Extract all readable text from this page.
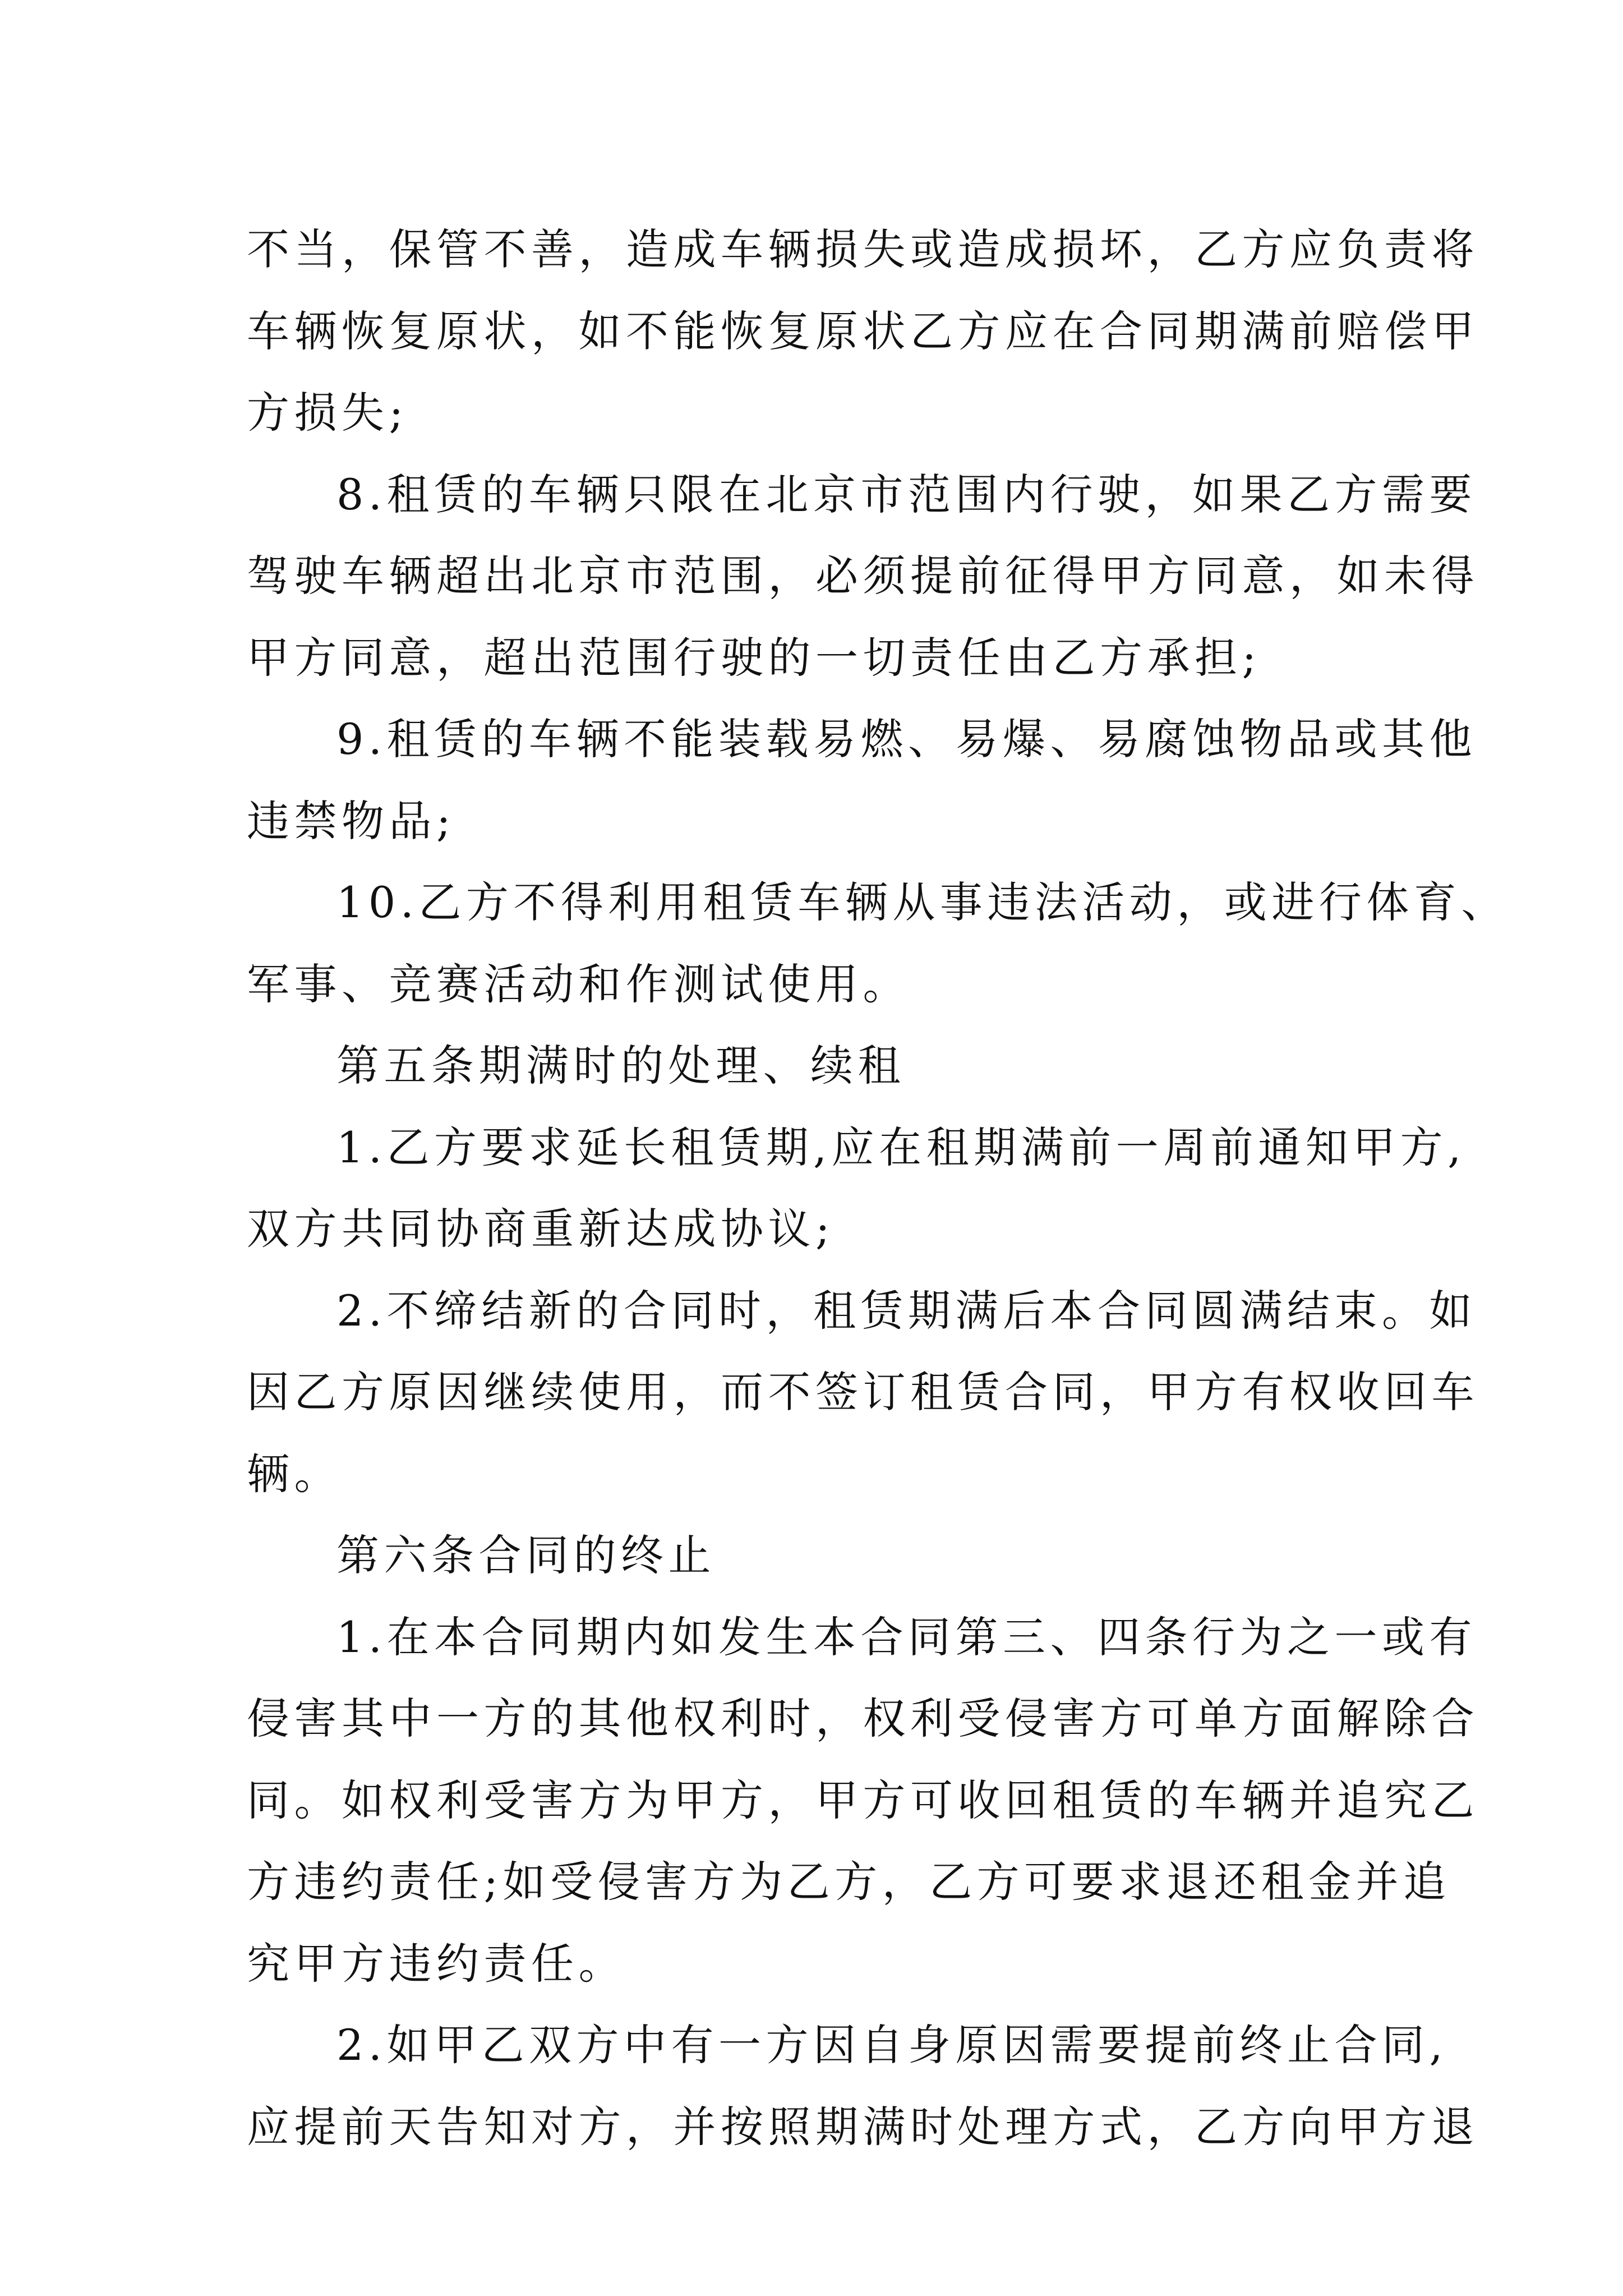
不当，保管不善，造成车辆损失或造成损坏，乙方应负责将
车辆恢复原状，如不能恢复原状乙方应在合同期满前赔偿甲
方损失;

8.租赁的车辆只限在北京市范围内行驶，如果乙方需要
驾驶车辆超出北京市范围，必须提前征得甲方同意，如未得
甲方同意，超出范围行驶的一切责任由乙方承担;

9.租赁的车辆不能装载易燃、易爆、易腐蚀物品或其他
违禁物品;

10.乙方不得利用租赁车辆从事违法活动，或进行体育、
军事、竞赛活动和作测试使用。

第五条期满时的处理、续租

1.乙方要求延长租赁期,应在租期满前一周前通知甲方,
双方共同协商重新达成协议;

2.不缔结新的合同时，租赁期满后本合同圆满结束。如
因乙方原因继续使用，而不签订租赁合同，甲方有权收回车
辆。

第六条合同的终止

1.在本合同期内如发生本合同第三、四条行为之一或有
侵害其中一方的其他权利时，权利受侵害方可单方面解除合
同。如权利受害方为甲方，甲方可收回租赁的车辆并追究乙
方违约责任;如受侵害方为乙方，乙方可要求退还租金并追
究甲方违约责任。

2.如甲乙双方中有一方因自身原因需要提前终止合同,
应提前天告知对方，并按照期满时处理方式，乙方向甲方退
